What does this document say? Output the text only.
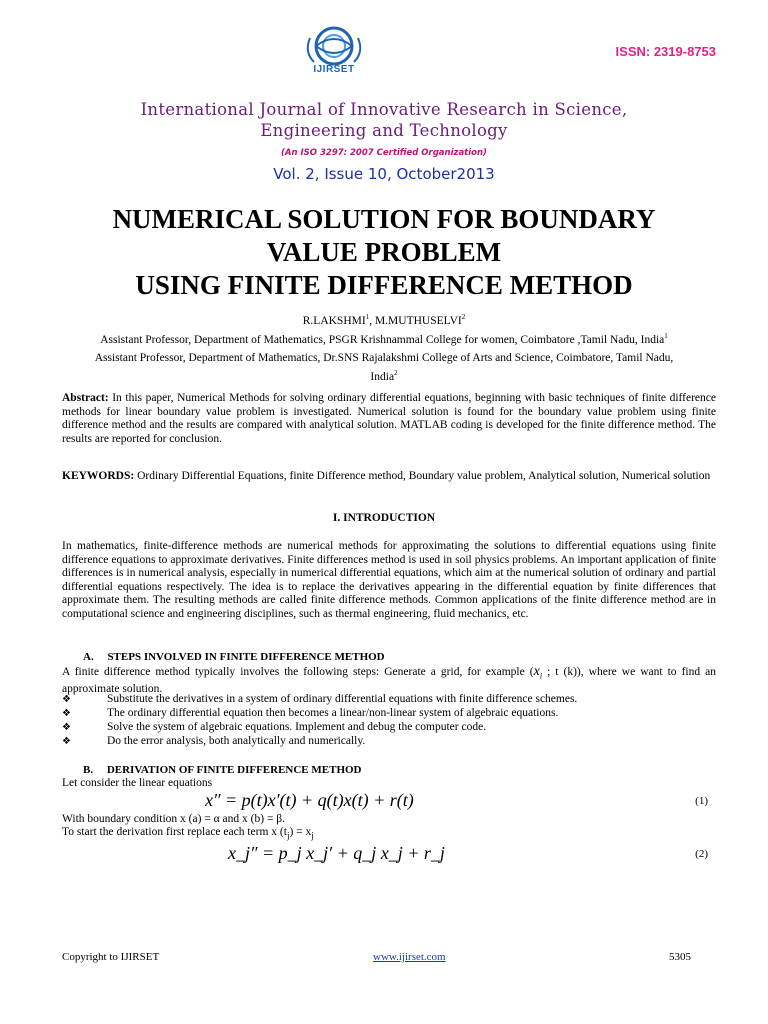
IJIRSET
ISSN: 2319-8753
International Journal of Innovative Research in Science,
Engineering and Technology
(An ISO 3297: 2007 Certified Organization)
Vol. 2, Issue 10, October2013
NUMERICAL SOLUTION FOR BOUNDARY
VALUE PROBLEM
USING FINITE DIFFERENCE METHOD
R.LAKSHMI$^1$, M.MUTHUSELVI$^2$
Assistant Professor, Department of Mathematics, PSGR Krishnammal College for women, Coimbatore ,Tamil Nadu, India$^1$
Assistant Professor, Department of Mathematics, Dr.SNS Rajalakshmi College of Arts and Science, Coimbatore, Tamil Nadu,
India$^2$
Abstract: In this paper, Numerical Methods for solving ordinary differential equations, beginning with basic techniques of finite difference methods for linear boundary value problem is investigated. Numerical solution is found for the boundary value problem using finite difference method and the results are compared with analytical solution. MATLAB coding is developed for the finite difference method. The results are reported for conclusion.
KEYWORDS: Ordinary Differential Equations, finite Difference method, Boundary value problem, Analytical solution, Numerical solution
I. INTRODUCTION
In mathematics, finite-difference methods are numerical methods for approximating the solutions to differential equations using finite difference equations to approximate derivatives. Finite differences method is used in soil physics problems. An important application of finite differences is in numerical analysis, especially in numerical differential equations, which aim at the numerical solution of ordinary and partial differential equations respectively. The idea is to replace the derivatives appearing in the differential equation by finite differences that approximate them. The resulting methods are called finite difference methods. Common applications of the finite difference method are in computational science and engineering disciplines, such as thermal engineering, fluid mechanics, etc.
A.     STEPS INVOLVED IN FINITE DIFFERENCE METHOD
A finite difference method typically involves the following steps: Generate a grid, for example ($x_i$ ; t (k)), where we want to find an approximate solution.
❖	Substitute the derivatives in a system of ordinary differential equations with finite difference schemes.
❖	The ordinary differential equation then becomes a linear/non-linear system of algebraic equations.
❖	Solve the system of algebraic equations. Implement and debug the computer code.
❖	Do the error analysis, both analytically and numerically.
B.     DERIVATION OF FINITE DIFFERENCE METHOD
Let consider the linear equations
x″ = p(t)x′(t) + q(t)x(t) + r(t)	(1)
With boundary condition x (a) = α and x (b) = β.
To start the derivation first replace each term x $(t_j) = x_j$
x_j″ = p_j x_j′ + q_j x_j + r_j	(2)
Copyright to IJIRSET	www.ijirset.com	5305
